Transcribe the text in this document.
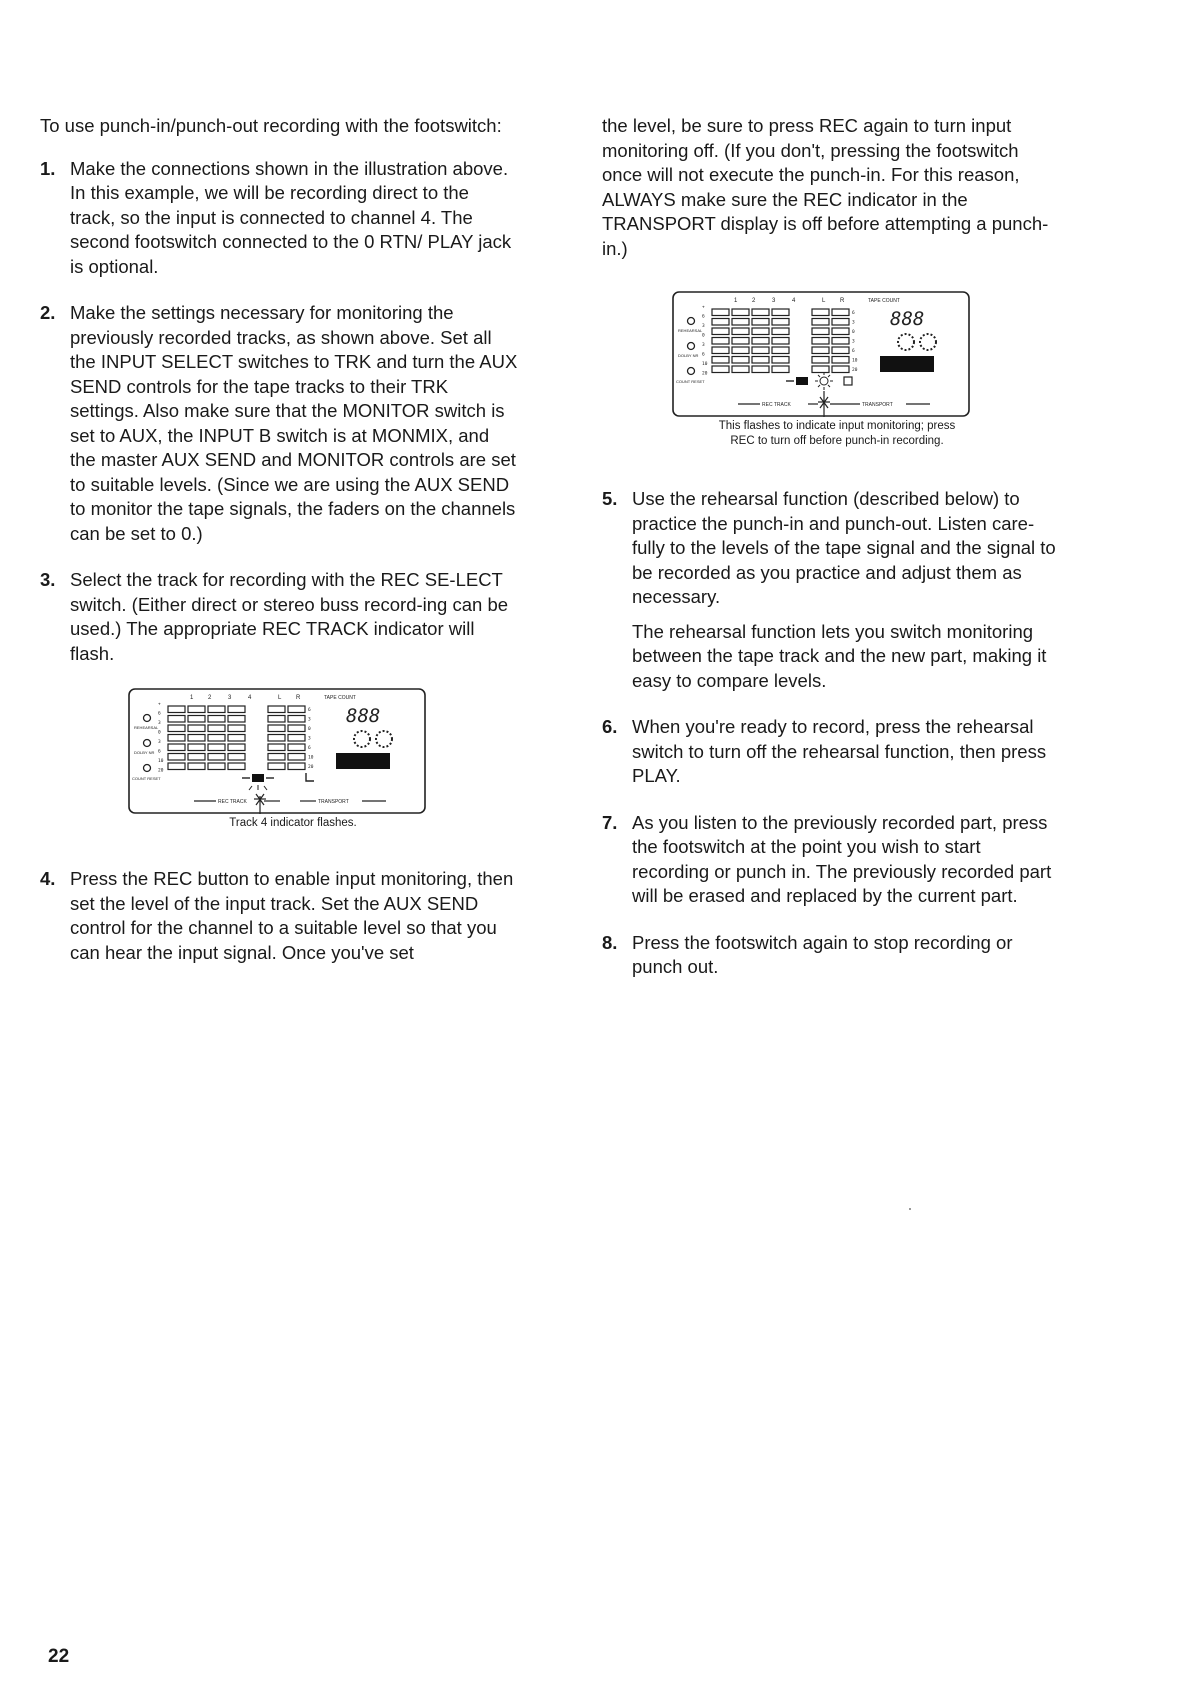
To use punch-in/punch-out recording with the footswitch:

1. Make the connections shown in the illustration above. In this example, we will be recording direct to the track, so the input is connected to channel 4. The second footswitch connected to the 0 RTN/ PLAY jack is optional.

2. Make the settings necessary for monitoring the previously recorded tracks, as shown above. Set all the INPUT SELECT switches to TRK and turn the AUX SEND controls for the tape tracks to their TRK settings. Also make sure that the MONITOR switch is set to AUX, the INPUT B switch is at MONMIX, and the master AUX SEND and MONITOR controls are set to suitable levels. (Since we are using the AUX SEND to monitor the tape signals, the faders on the channels can be set to 0.)

3. Select the track for recording with the REC SE-LECT switch. (Either direct or stereo buss record-ing can be used.) The appropriate REC TRACK indicator will flash.

1 2	3	4	L R	TAPE COUNT
REHEARSAL
DOLBY NR
COUNT RESET
REC TRACK	TRANSPORT
+
6
3
0
3
6
10
20
6
3
0
3
6
10
20
888
Track 4 indicator flashes.
4. Press the REC button to enable input monitoring, then set the level of the input track. Set the AUX SEND control for the channel to a suitable level so that you can hear the input signal. Once you've set

the level, be sure to press REC again to turn input monitoring off. (If you don't, pressing the footswitch once will not execute the punch-in. For this reason, ALWAYS make sure the REC indicator in the TRANSPORT display is off before attempting a punch-in.)

1 2	3	4	L R	TAPE COUNT
REHEARSAL
DOLBY NR
COUNT RESET
REC TRACK	TRANSPORT
+
6
3
0
3
6
10
20
6
3
0
3
6
10
20
888
This flashes to indicate input monitoring; press
REC to turn off before punch-in recording.
5. Use the rehearsal function (described below) to practice the punch-in and punch-out. Listen care-fully to the levels of the tape signal and the signal to be recorded as you practice and adjust them as necessary.

The rehearsal function lets you switch monitoring between the tape track and the new part, making it easy to compare levels.

6. When you're ready to record, press the rehearsal switch to turn off the rehearsal function, then press PLAY.

7. As you listen to the previously recorded part, press the footswitch at the point you wish to start recording or punch in. The previously recorded part will be erased and replaced by the current part.

8. Press the footswitch again to stop recording or punch out.

22
